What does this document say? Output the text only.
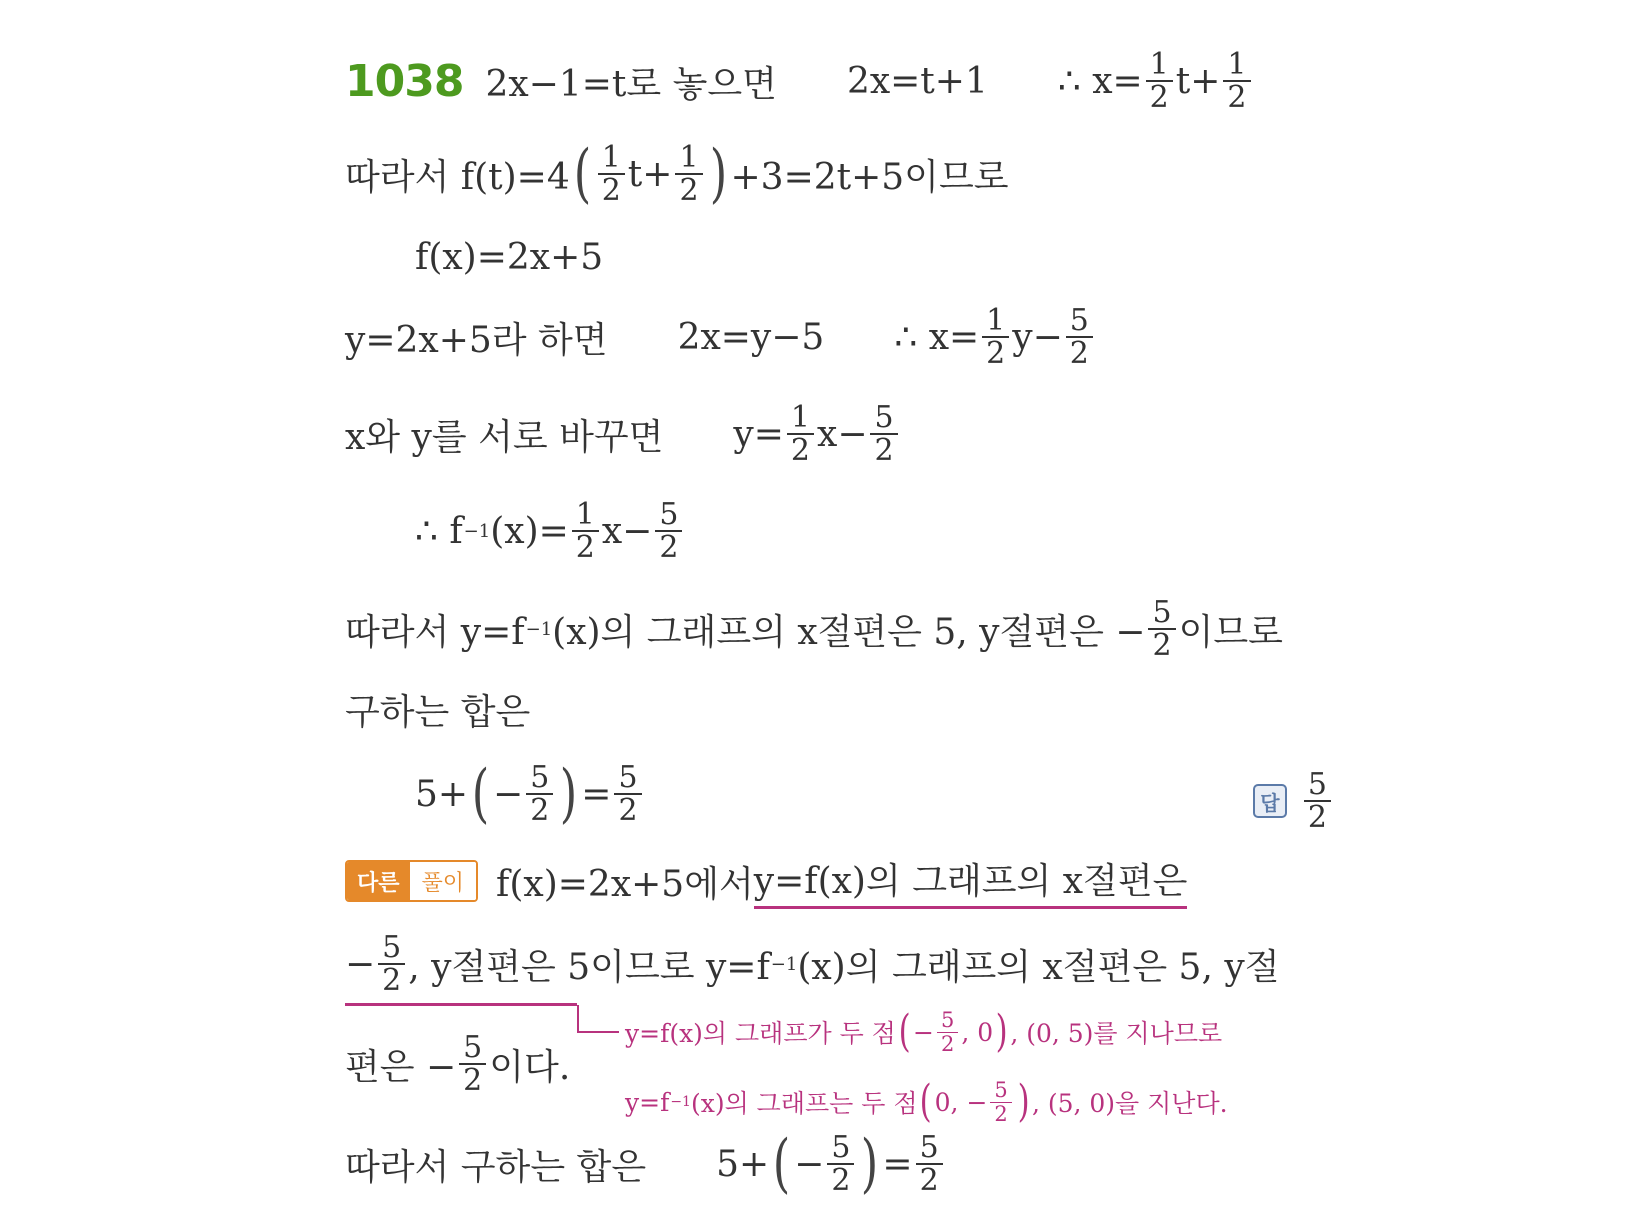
1038 2x−1=t로 놓으면 2x=t+1 ∴ $x= \frac{1}{2} t+ \frac{1}{2}$
따라서 f(t)=4 ( $\frac{1}{2} t+ \frac{1}{2}$ ) +3=2t+5이므로
f(x)=2x+5
y=2x+5라 하면 2x=y−5 ∴ $x= \frac{1}{2} y- \frac{5}{2}$
x와 y를 서로 바꾸면 $y= \frac{1}{2} x- \frac{5}{2}$
∴ f −1 $(x)= \frac{1}{2} x- \frac{5}{2}$
따라서 y=f −1 (x)의 그래프의 x절편은 5, y절편은 − $\frac{5}{2}$ 이므로
구하는 합은
5+ ( − $\frac{5}{2}$ ) = $\frac{5}{2}$	답 $\frac{5}{2}$
다른	풀이 f(x)=2x+5에서 y=f(x)의 그래프의 x절편은
− $\frac{5}{2}$ , y절편은 5 이므로 y=f −1 (x)의 그래프의 x절편은 5, y절
y=f(x)의 그래프가 두 점 ( − $\frac{5}{2}$ , 0 ) , (0, 5)를 지나므로
편은 − $\frac{5}{2}$ 이다.
y=f −1 (x)의 그래프는 두 점 ( 0, − $\frac{5}{2}$ ) , (5, 0)을 지난다.
따라서 구하는 합은 5+ ( − $\frac{5}{2}$ ) = $\frac{5}{2}$
